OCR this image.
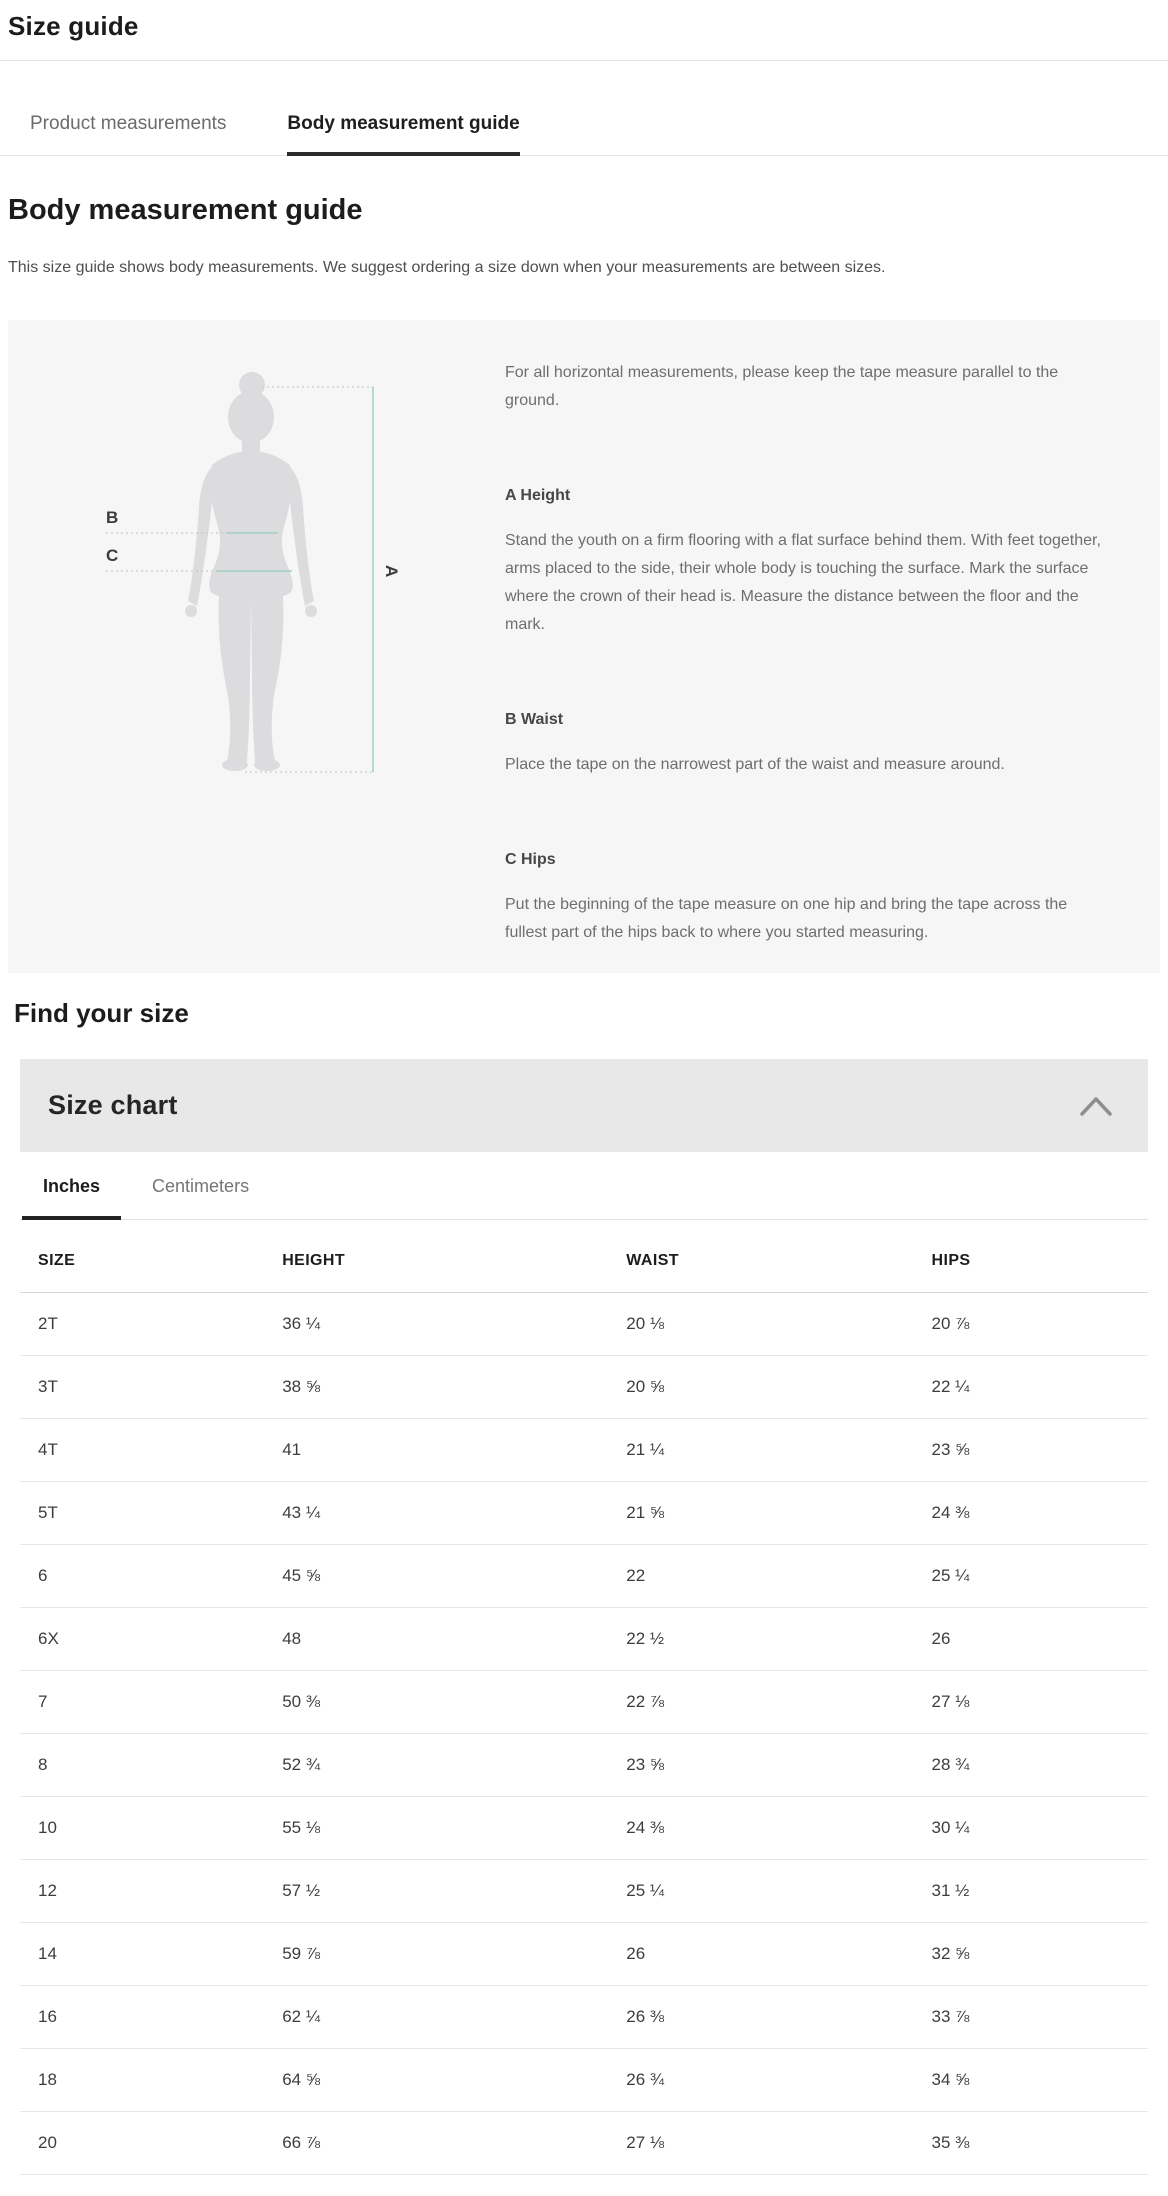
Size guide
Product measurements	Body measurement guide
Body measurement guide

This size guide shows body measurements. We suggest ordering a size down when your measurements are between sizes.

B
C
A

For all horizontal measurements, please keep the tape measure parallel to the ground.

A Height

Stand the youth on a firm flooring with a flat surface behind them. With feet together, arms placed to the side, their whole body is touching the surface. Mark the surface where the crown of their head is. Measure the distance between the floor and the mark.

B Waist

Place the tape on the narrowest part of the waist and measure around.

C Hips

Put the beginning of the tape measure on one hip and bring the tape across the fullest part of the hips back to where you started measuring.

Find your size
Size chart
Inches	Centimeters
SIZE	HEIGHT	WAIST	HIPS
2T	36 ¼	20 ⅛	20 ⅞
3T	38 ⅝	20 ⅝	22 ¼
4T	41	21 ¼	23 ⅝
5T	43 ¼	21 ⅝	24 ⅜
6	45 ⅝	22	25 ¼
6X	48	22 ½	26
7	50 ⅜	22 ⅞	27 ⅛
8	52 ¾	23 ⅝	28 ¾
10	55 ⅛	24 ⅜	30 ¼
12	57 ½	25 ¼	31 ½
14	59 ⅞	26	32 ⅝
16	62 ¼	26 ⅜	33 ⅞
18	64 ⅝	26 ¾	34 ⅝
20	66 ⅞	27 ⅛	35 ⅜
